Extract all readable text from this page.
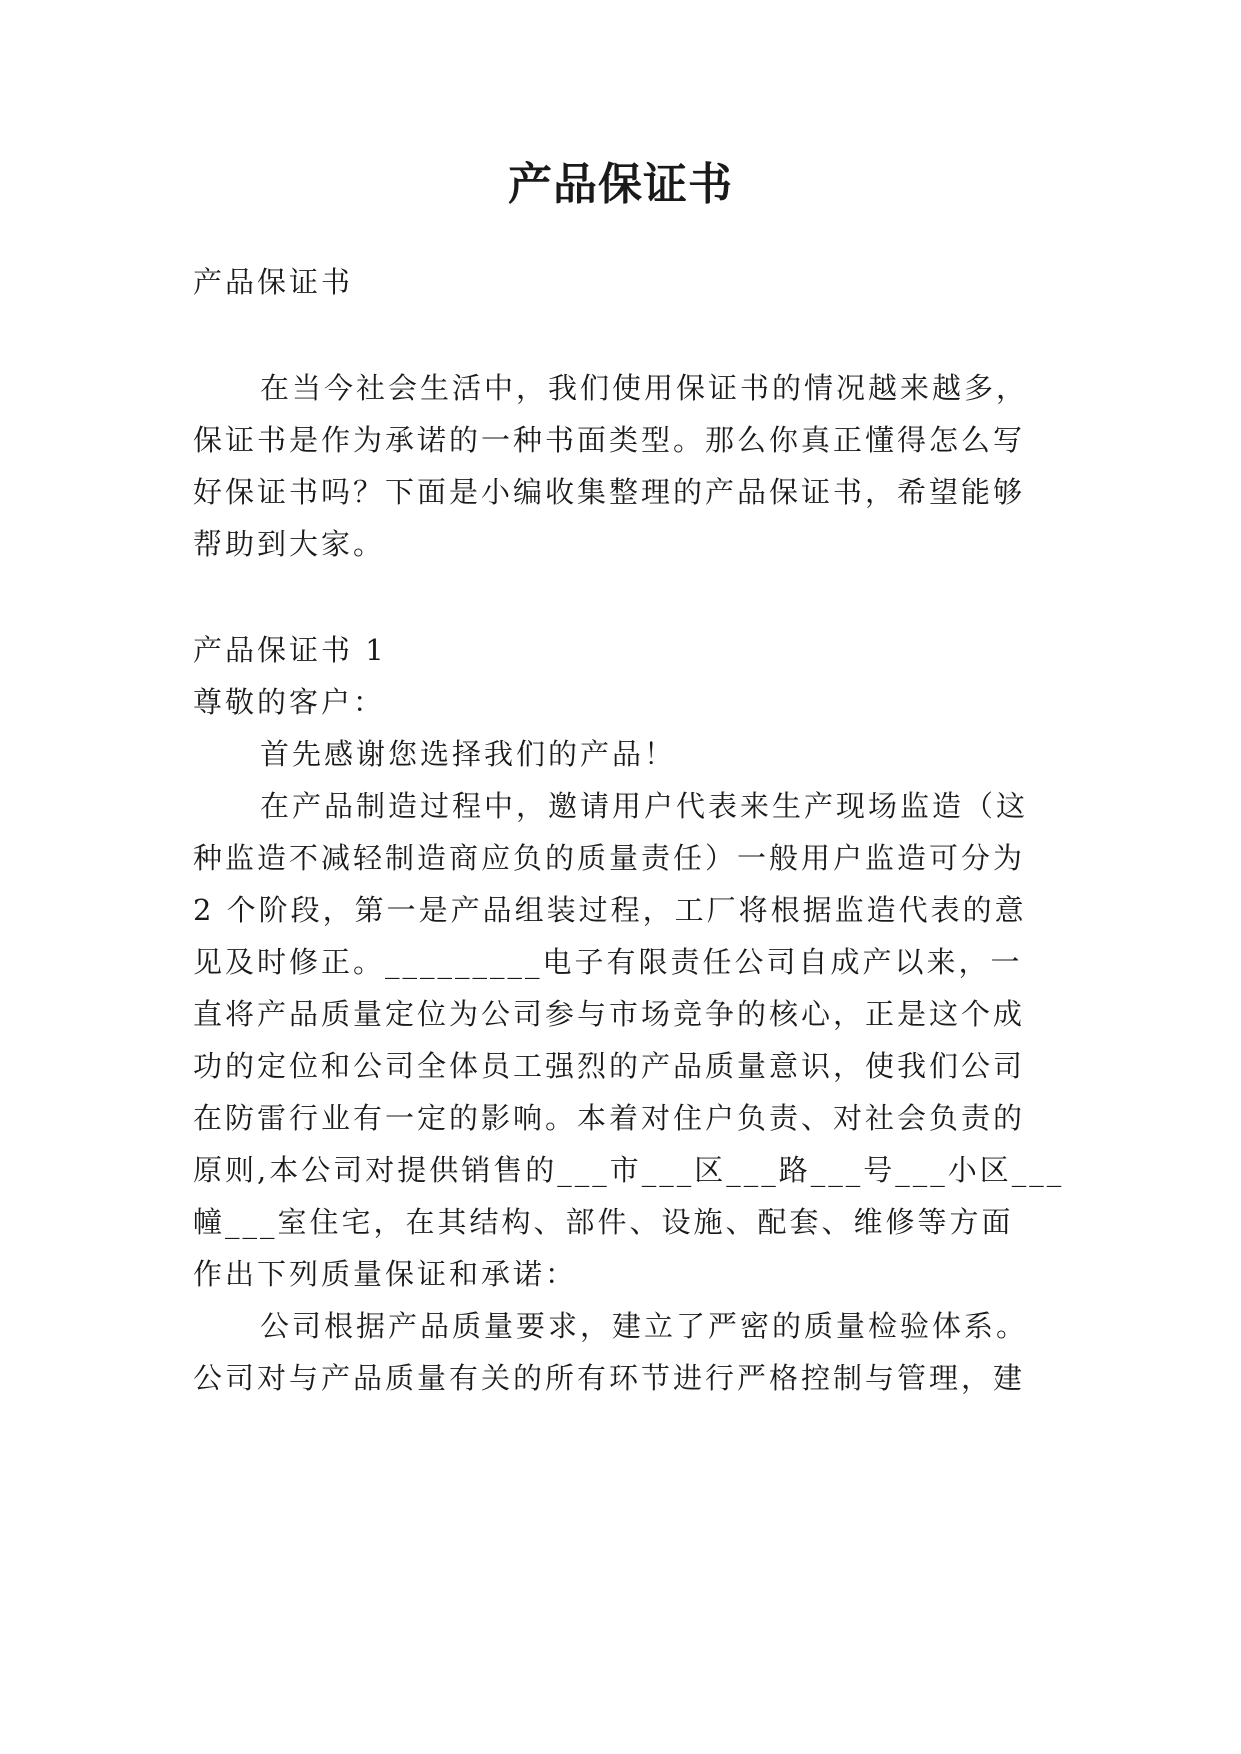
产品保证书

产品保证书

在当今社会生活中，我们使用保证书的情况越来越多，

保证书是作为承诺的一种书面类型。那么你真正懂得怎么写

好保证书吗？下面是小编收集整理的产品保证书，希望能够

帮助到大家。

产品保证书 1

尊敬的客户：

首先感谢您选择我们的产品！

在产品制造过程中，邀请用户代表来生产现场监造（这

种监造不减轻制造商应负的质量责任）一般用户监造可分为

2 个阶段，第一是产品组装过程，工厂将根据监造代表的意

见及时修正。_________电子有限责任公司自成产以来，一

直将产品质量定位为公司参与市场竞争的核心，正是这个成

功的定位和公司全体员工强烈的产品质量意识，使我们公司

在防雷行业有一定的影响。本着对住户负责、对社会负责的

原则,本公司对提供销售的___市___区___路___号___小区___

幢___室住宅，在其结构、部件、设施、配套、维修等方面

作出下列质量保证和承诺：

公司根据产品质量要求，建立了严密的质量检验体系。

公司对与产品质量有关的所有环节进行严格控制与管理，建
